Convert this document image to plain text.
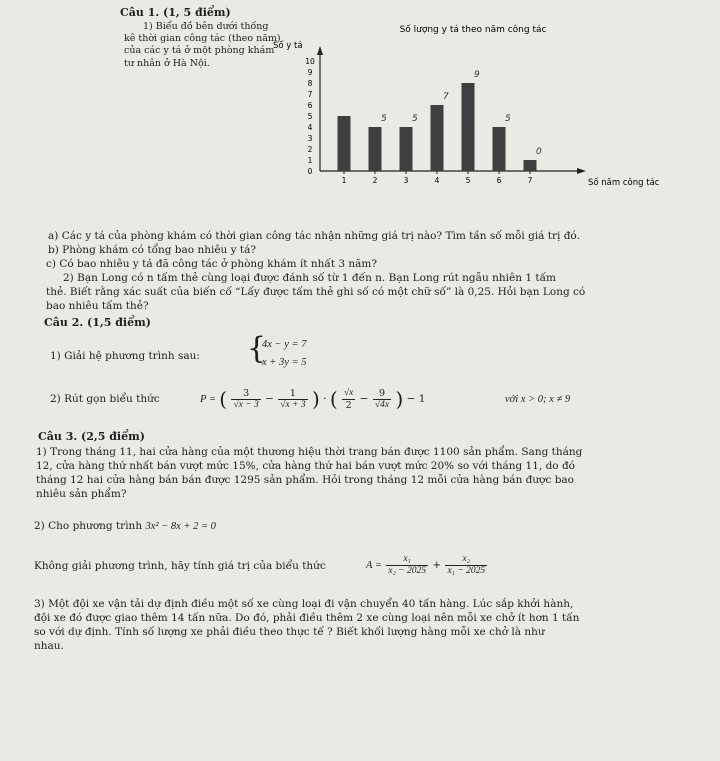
Câu 1. (1, 5 điểm)
1) Biểu đồ bên dưới thống
kê thời gian công tác (theo năm)
của các y tá ở một phòng khám
tư nhân ở Hà Nội.
Số lượng y tá theo năm công tác
Số y tá
0
1
2
3
4
5
6
7
8
9
10
1	2	3	4	5	6	7
5	5
7
9
5
0
Số năm công tác
a) Các y tá của phòng khám có thời gian công tác nhận những giá trị nào? Tìm tần số mỗi giá trị đó.
b) Phòng khám có tổng bao nhiêu y tá?
c) Có bao nhiêu y tá đã công tác ở phòng khám ít nhất 3 năm?
2) Bạn Long có n tấm thẻ cùng loại được đánh số từ 1 đến n. Bạn Long rút ngẫu nhiên 1 tấm
thẻ. Biết rằng xác suất của biến cố “Lấy được tấm thẻ ghi số có một chữ số” là 0,25. Hỏi bạn Long có
bao nhiêu tấm thẻ?
Câu 2. (1,5 điểm)
1) Giải hệ phương trình sau: {
4x − y = 7
x + 3y = 5
2) Rút gọn biểu thức	P = ( $\frac{3}{√x - 3} - \frac{1}{√x + 3}$ ) · ( $\frac{√x}{2} - \frac{9}{√4x}$ ) − 1	với x > 0; x ≠ 9
Câu 3. (2,5 điểm)
1) Trong tháng 11, hai cửa hàng của một thương hiệu thời trang bán được 1100 sản phẩm. Sang tháng
12, cửa hàng thứ nhất bán vượt mức 15%, cửa hàng thứ hai bán vượt mức 20% so với tháng 11, do đó
tháng 12 hai cửa hàng bán bán được 1295 sản phẩm. Hỏi trong tháng 12 mỗi cửa hàng bán được bao
nhiêu sản phẩm?
2) Cho phương trình 3x² − 8x + 2 = 0
Không giải phương trình, hãy tính giá trị của biểu thức	$A = \frac{\text{x₁}}{\text{x₂ − 2025}} + \frac{\text{x₂}}{\text{x₁ − 2025}}$
3) Một đội xe vận tải dự định điều một số xe cùng loại đi vận chuyển 40 tấn hàng. Lúc sắp khởi hành,
đội xe đó được giao thêm 14 tấn nữa. Do đó, phải điều thêm 2 xe cùng loại nên mỗi xe chở ít hơn 1 tấn
so với dự định. Tính số lượng xe phải điều theo thực tế ? Biết khối lượng hàng mỗi xe chở là như
nhau.
